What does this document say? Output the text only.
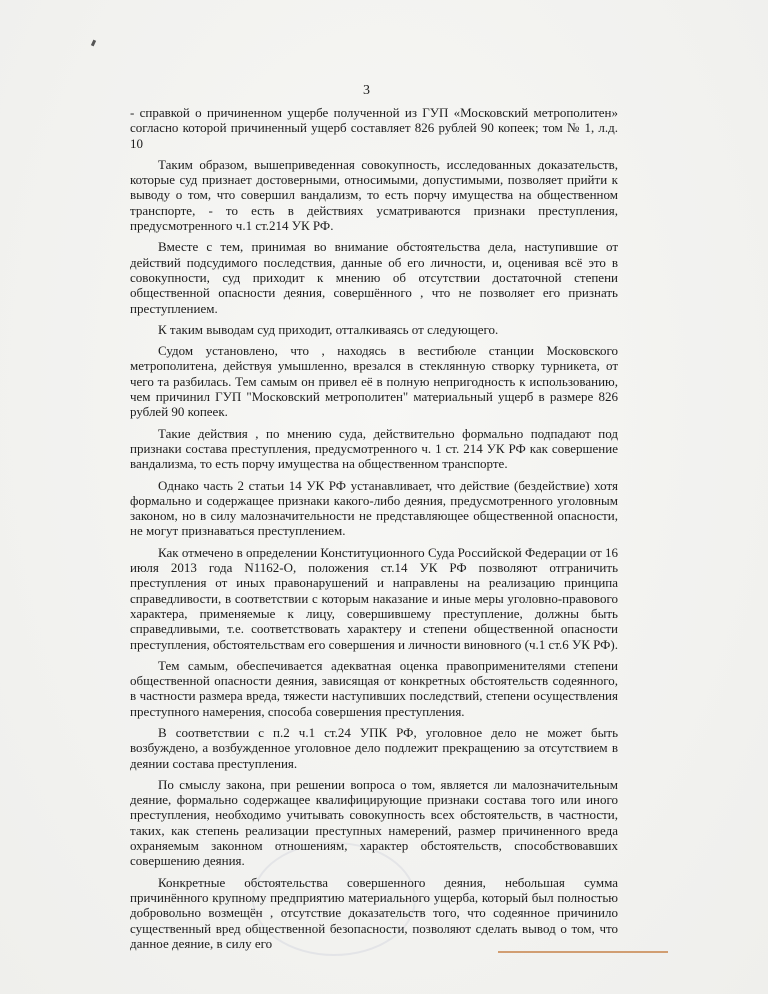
3

- справкой о причиненном ущербе полученной из ГУП «Московский метрополитен» согласно которой причиненный ущерб составляет 826 рублей 90 копеек; том № 1, л.д. 10

Таким образом, вышеприведенная совокупность, исследованных доказательств, которые суд признает достоверными, относимыми, допустимыми, позволяет прийти к выводу о том, что совершил вандализм, то есть порчу имущества на общественном транспорте, - то есть в действиях усматриваются признаки преступления, предусмотренного ч.1 ст.214 УК РФ.

Вместе с тем, принимая во внимание обстоятельства дела, наступившие от действий подсудимого последствия, данные об его личности, и, оценивая всё это в совокупности, суд приходит к мнению об отсутствии достаточной степени общественной опасности деяния, совершённого , что не позволяет его признать преступлением.

К таким выводам суд приходит, отталкиваясь от следующего.

Судом установлено, что , находясь в вестибюле станции Московского метрополитена, действуя умышленно, врезался в стеклянную створку турникета, от чего та разбилась. Тем самым он привел её в полную непригодность к использованию, чем причинил ГУП "Московский метрополитен" материальный ущерб в размере 826 рублей 90 копеек.

Такие действия , по мнению суда, действительно формально подпадают под признаки состава преступления, предусмотренного ч. 1 ст. 214 УК РФ как совершение вандализма, то есть порчу имущества на общественном транспорте.

Однако часть 2 статьи 14 УК РФ устанавливает, что действие (бездействие) хотя формально и содержащее признаки какого-либо деяния, предусмотренного уголовным законом, но в силу малозначительности не представляющее общественной опасности, не могут признаваться преступлением.

Как отмечено в определении Конституционного Суда Российской Федерации от 16 июля 2013 года N1162-О, положения ст.14 УК РФ позволяют отграничить преступления от иных правонарушений и направлены на реализацию принципа справедливости, в соответствии с которым наказание и иные меры уголовно-правового характера, применяемые к лицу, совершившему преступление, должны быть справедливыми, т.е. соответствовать характеру и степени общественной опасности преступления, обстоятельствам его совершения и личности виновного (ч.1 ст.6 УК РФ).

Тем самым, обеспечивается адекватная оценка правоприменителями степени общественной опасности деяния, зависящая от конкретных обстоятельств содеянного, в частности размера вреда, тяжести наступивших последствий, степени осуществления преступного намерения, способа совершения преступления.

В соответствии с п.2 ч.1 ст.24 УПК РФ, уголовное дело не может быть возбуждено, а возбужденное уголовное дело подлежит прекращению за отсутствием в деянии состава преступления.

По смыслу закона, при решении вопроса о том, является ли малозначительным деяние, формально содержащее квалифицирующие признаки состава того или иного преступления, необходимо учитывать совокупность всех обстоятельств, в частности, таких, как степень реализации преступных намерений, размер причиненного вреда охраняемым законном отношениям, характер обстоятельств, способствовавших совершению деяния.

Конкретные обстоятельства совершенного деяния, небольшая сумма причинённого крупному предприятию материального ущерба, который был полностью добровольно возмещён , отсутствие доказательств того, что содеянное причинило существенный вред общественной безопасности, позволяют сделать вывод о том, что данное деяние, в силу его
